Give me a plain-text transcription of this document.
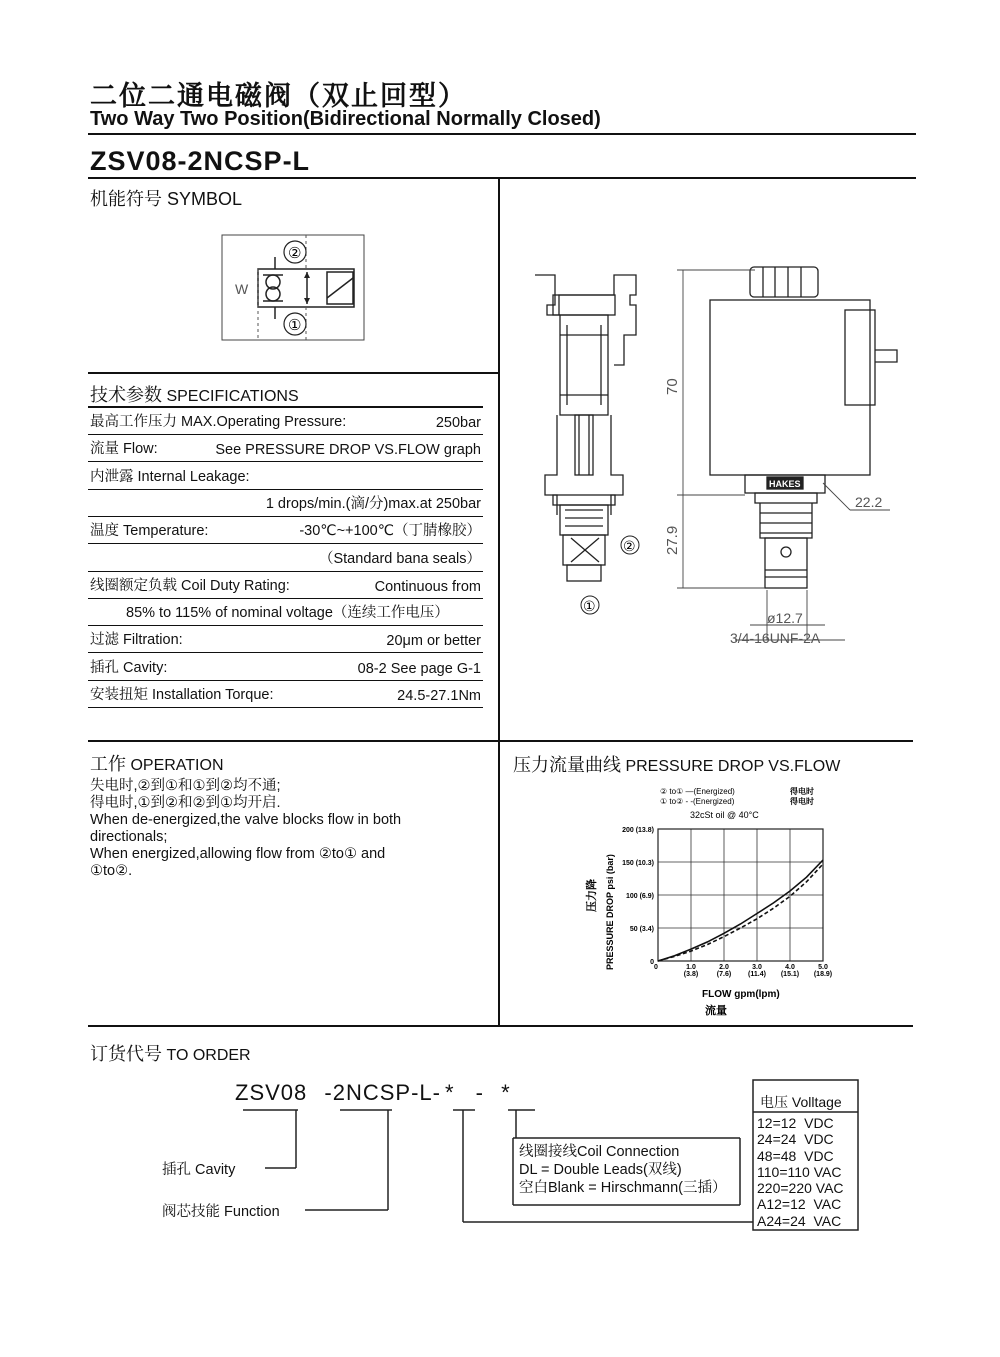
二位二通电磁阀（双止回型）
Two Way Two Position(Bidirectional Normally Closed)
ZSV08-2NCSP-L
机能符号 SYMBOL
W
②
①
技术参数 SPECIFICATIONS
最高工作压力 MAX.Operating Pressure:	250bar
流量 Flow:	See PRESSURE DROP VS.FLOW graph
内泄露 Internal Leakage:
1 drops/min.(滴/分)max.at 250bar
温度 Temperature:	-30℃~+100℃（丁腈橡胶）
（Standard bana seals）
线圈额定负载 Coil Duty Rating:	Continuous from
85% to 115% of nominal voltage（连续工作电压）
过滤 Filtration:	20μm or better
插孔 Cavity:	08-2 See page G-1
安装扭矩 Installation Torque:	24.5-27.1Nm
②
①
HAKES
70
27.9
22.2
ø12.7
3/4-16UNF-2A
工作 OPERATION
失电时,②到①和①到②均不通;
得电时,①到②和②到①均开启.
When de-energized,the valve blocks flow in both
directionals;
When energized,allowing flow from ②to① and
①to②.
压力流量曲线 PRESSURE DROP VS.FLOW
0
50 (3.4)
100 (6.9)
150 (10.3)
200 (13.8)
0	1.0
(3.8)
2.0
(7.6)
3.0
(11.4)
4.0
(15.1)
5.0
(18.9)
② to① —(Energized)	得电时
① to② - -(Energized)	得电时
32cSt oil @ 40°C
FLOW gpm(lpm)
流量
PRESSURE DROP psi (bar)
压力降
订货代号 TO ORDER
ZSV08 -2NCSP-L- * - *
插孔 Cavity
阀芯技能 Function
线圈接线Coil Connection
DL = Double Leads(双线)
空白Blank = Hirschmann(三插）
电压 Volltage
12=12  VDC
24=24  VDC
48=48  VDC
110=110 VAC
220=220 VAC
A12=12  VAC
A24=24  VAC
